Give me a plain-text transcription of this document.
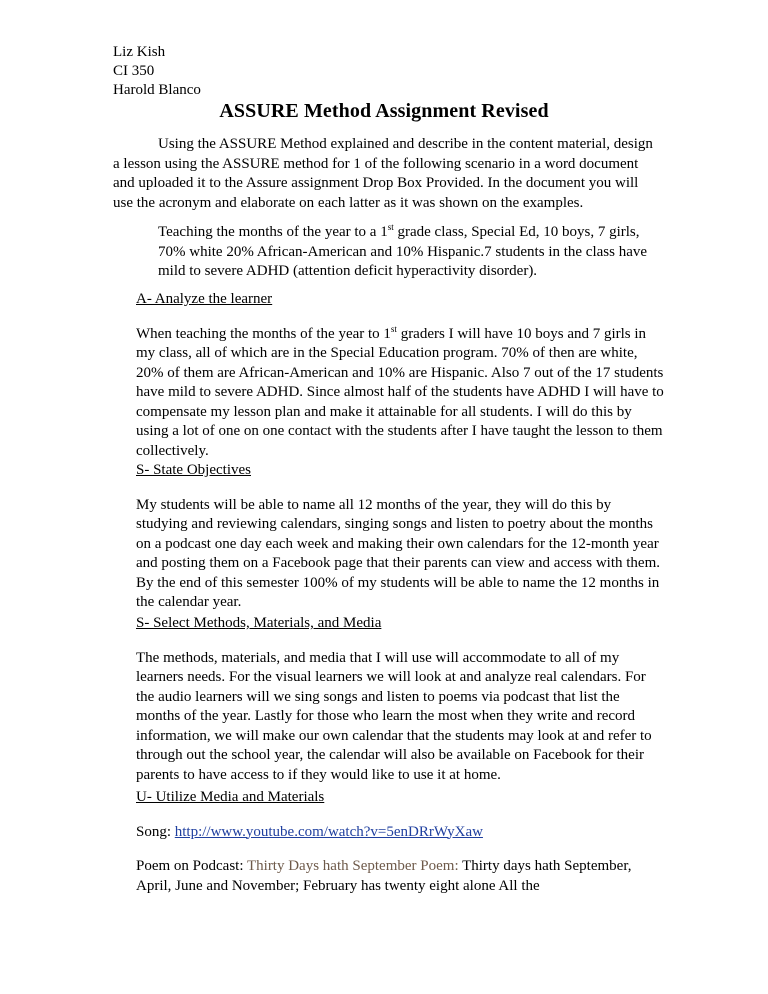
Liz Kish
CI 350
Harold Blanco
ASSURE Method Assignment Revised

Using the ASSURE Method explained and describe in the content material, design a lesson using the ASSURE method for 1 of the following scenario in a word document and uploaded it to the Assure assignment Drop Box Provided. In the document you will use the acronym and elaborate on each latter as it was shown on the examples.

Teaching the months of the year to a 1st grade class, Special Ed, 10 boys, 7 girls, 70% white 20% African-American and 10% Hispanic.7 students in the class have mild to severe ADHD (attention deficit hyperactivity disorder).

A- Analyze the learner

When teaching the months of the year to 1st graders I will have 10 boys and 7 girls in my class, all of which are in the Special Education program. 70% of then are white, 20% of them are African-American and 10% are Hispanic. Also 7 out of the 17 students have mild to severe ADHD. Since almost half of the students have ADHD I will have to compensate my lesson plan and make it attainable for all students. I will do this by using a lot of one on one contact with the students after I have taught the lesson to them collectively.

S- State Objectives

My students will be able to name all 12 months of the year, they will do this by studying and reviewing calendars, singing songs and listen to poetry about the months on a podcast one day each week and making their own calendars for the 12-month year and posting them on a Facebook page that their parents can view and access with them. By the end of this semester 100% of my students will be able to name the 12 months in the calendar year.

S- Select Methods, Materials, and Media

The methods, materials, and media that I will use will accommodate to all of my learners needs. For the visual learners we will look at and analyze real calendars. For the audio learners will we sing songs and listen to poems via podcast that list the months of the year. Lastly for those who learn the most when they write and record information, we will make our own calendar that the students may look at and refer to through out the school year, the calendar will also be available on Facebook for their parents to have access to if they would like to use it at home.

U- Utilize Media and Materials

Song: http://www.youtube.com/watch?v=5enDRrWyXaw

Poem on Podcast: Thirty Days hath September Poem: Thirty days hath September, April, June and November; February has twenty eight alone All the
